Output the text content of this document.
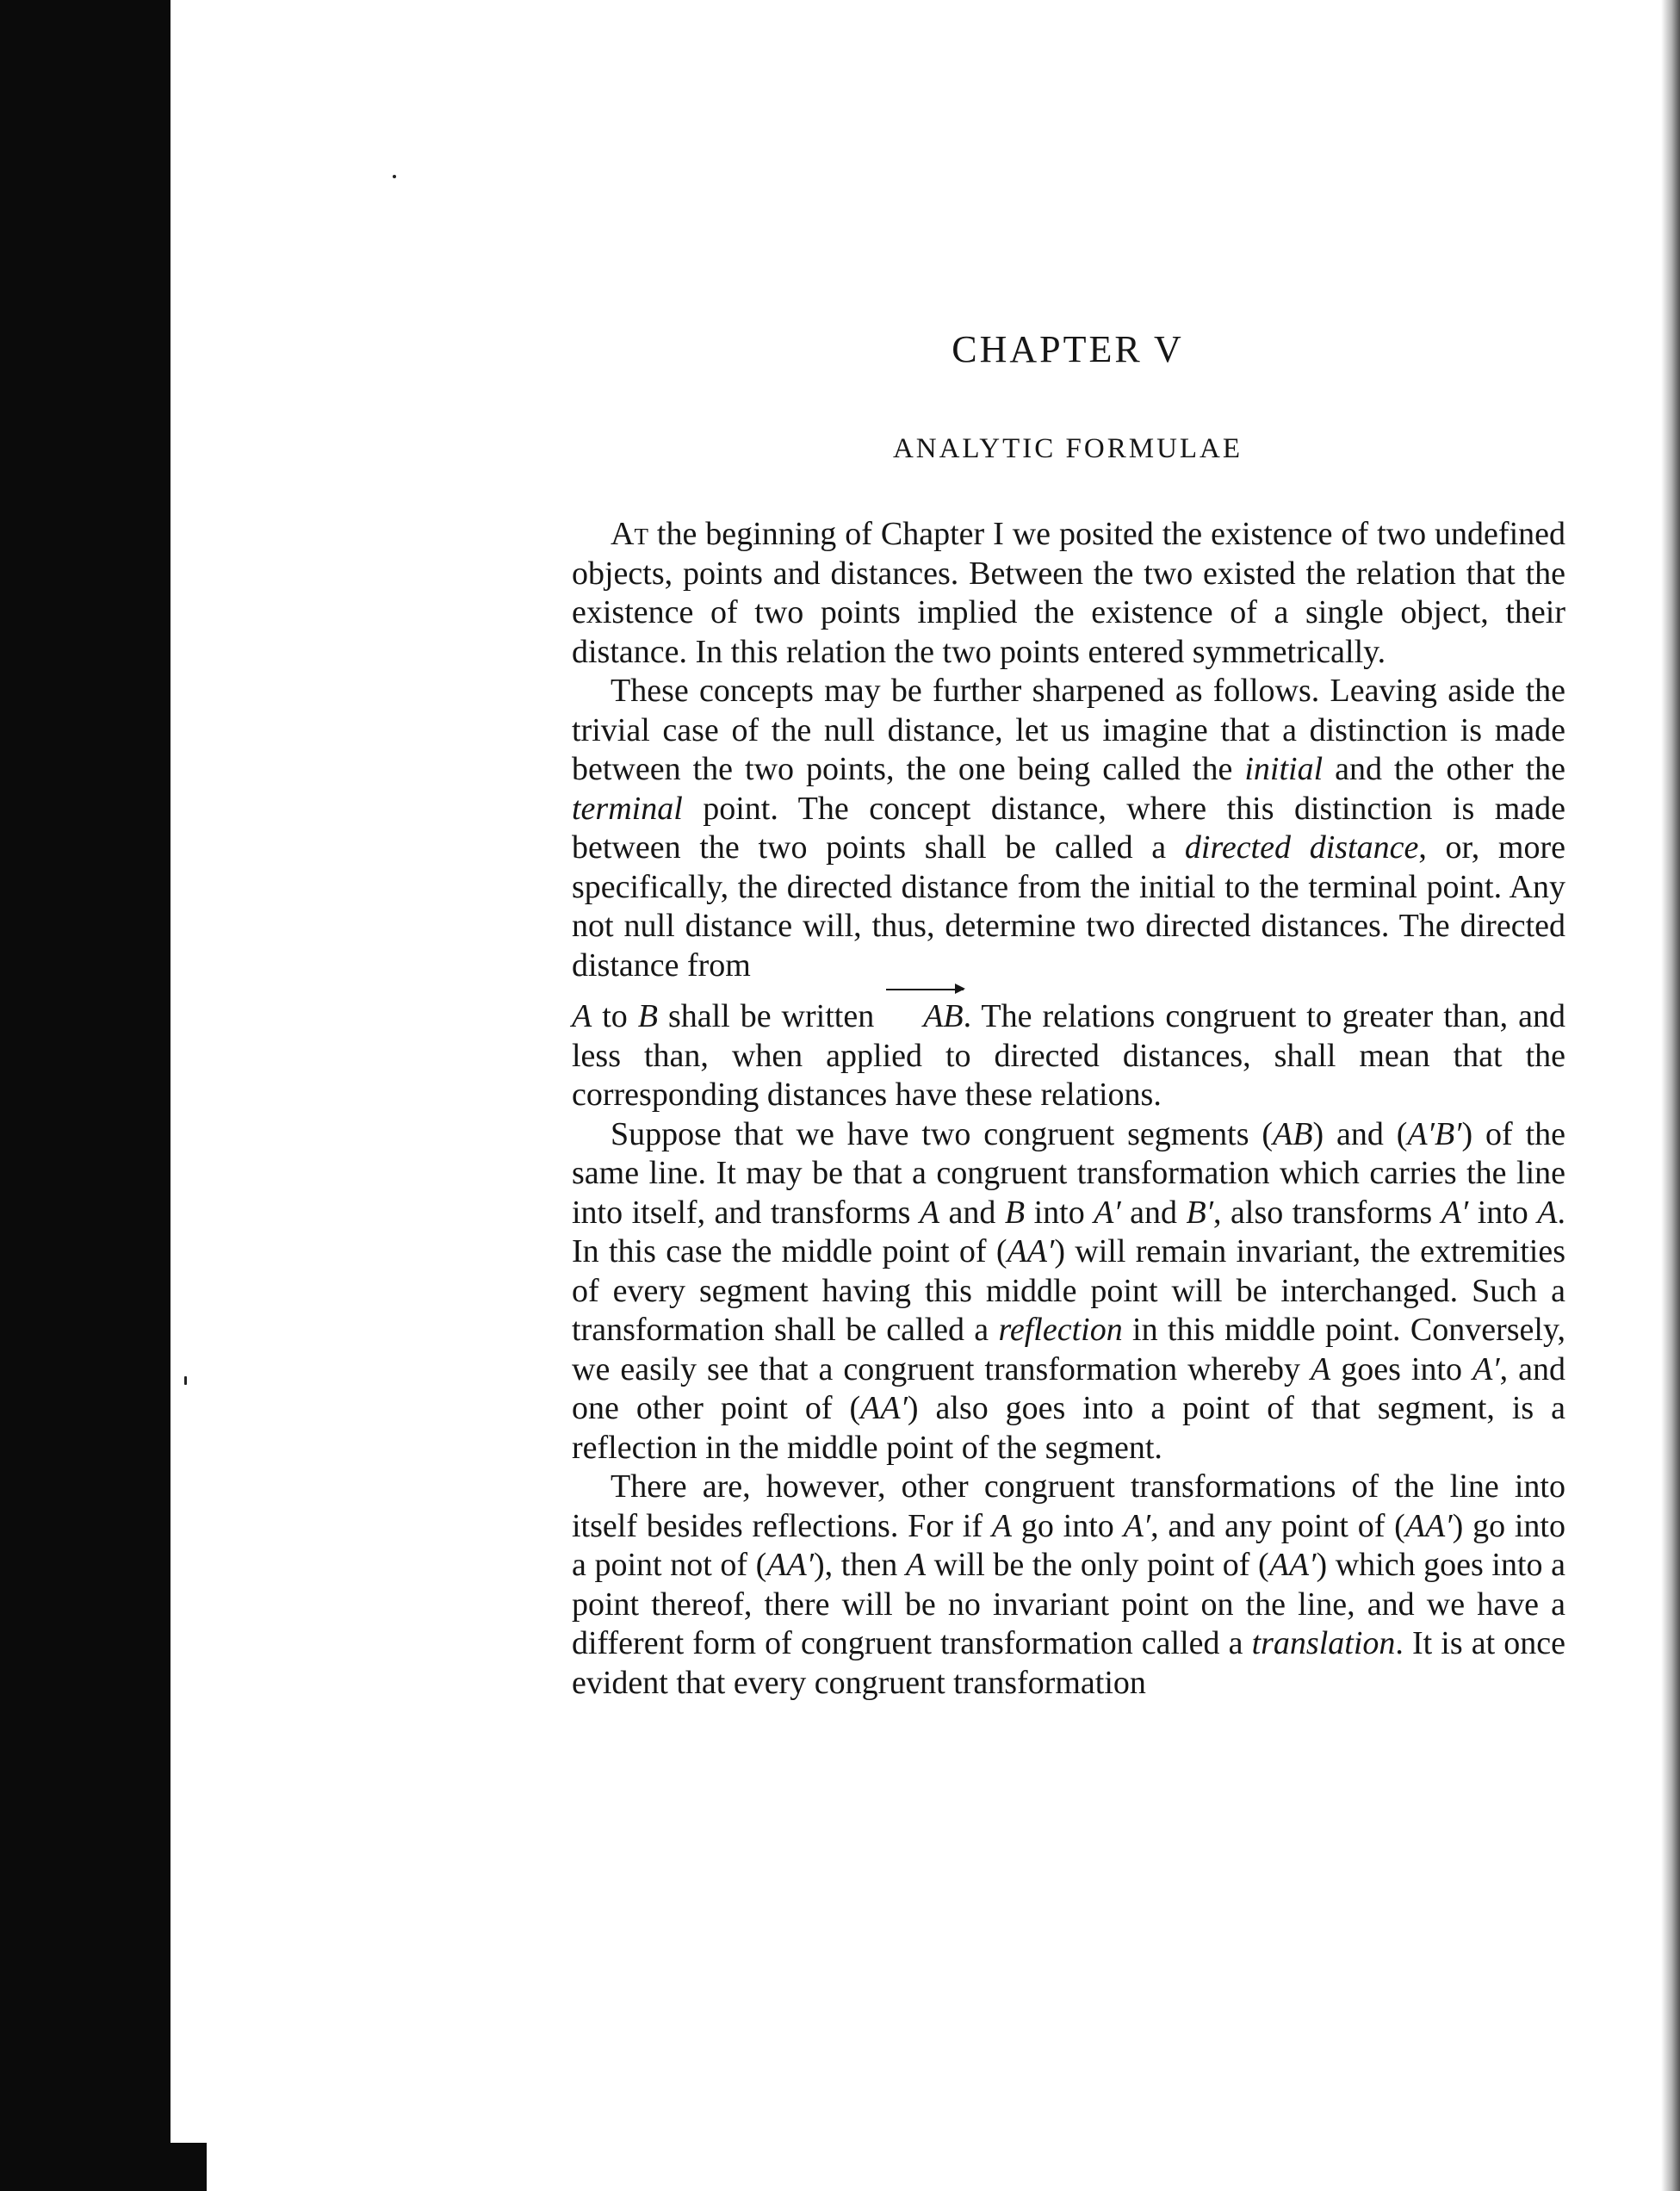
CHAPTER V
ANALYTIC FORMULAE

At the beginning of Chapter I we posited the existence of two undefined objects, points and distances. Between the two existed the relation that the existence of two points implied the existence of a single object, their distance. In this relation the two points entered symmetrically.

These concepts may be further sharpened as follows. Leaving aside the trivial case of the null distance, let us imagine that a distinction is made between the two points, the one being called the initial and the other the terminal point. The concept distance, where this distinction is made between the two points shall be called a directed distance, or, more specifically, the directed distance from the initial to the terminal point. Any not null distance will, thus, determine two directed distances. The directed distance from
A to B shall be written AB. The relations congruent to greater than, and less than, when applied to directed distances, shall mean that the corresponding distances have these relations.

Suppose that we have two congruent segments (AB) and (A′B′) of the same line. It may be that a congruent transformation which carries the line into itself, and transforms A and B into A′ and B′, also transforms A′ into A. In this case the middle point of (AA′) will remain invariant, the extremities of every segment having this middle point will be interchanged. Such a transformation shall be called a reflection in this middle point. Conversely, we easily see that a congruent transformation whereby A goes into A′, and one other point of (AA′) also goes into a point of that segment, is a reflection in the middle point of the segment.

There are, however, other congruent transformations of the line into itself besides reflections. For if A go into A′, and any point of (AA′) go into a point not of (AA′), then A will be the only point of (AA′) which goes into a point thereof, there will be no invariant point on the line, and we have a different form of congruent transformation called a translation. It is at once evident that every congruent transformation
